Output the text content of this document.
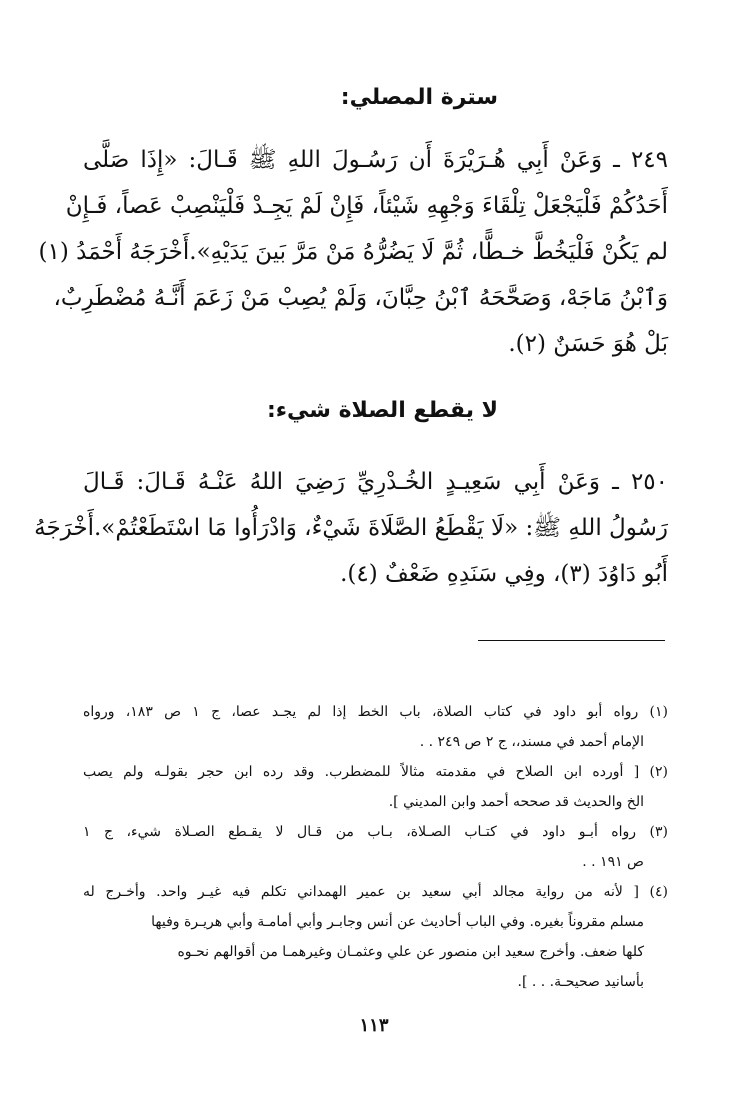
سترة المصلي:
٢٤٩ ـ وَعَنْ أَبِي هُـرَيْرَةَ أَن رَسُـولَ اللهِ ﷺ قَـالَ: «إِذَا صَلَّى
أَحَدُكُمْ فَلْيَجْعَلْ تِلْقَاءَ وَجْهِهِ شَيْئاً، فَإِنْ لَمْ يَجِـدْ فَلْيَنْصِبْ عَصاً، فَـإِنْ
لم يَكُنْ فَلْيَخُطَّ خـطًّا، ثُمَّ لَا يَضُرُّهُ مَنْ مَرَّ بَينَ يَدَيْهِ».أَخْرَجَهُ أَحْمَدُ (١)
وَٱبْنُ مَاجَهْ، وَصَحَّحَهُ ٱبْنُ حِبَّانَ، وَلَمْ يُصِبْ مَنْ زَعَمَ أَنَّـهُ مُضْطَرِبٌ،
بَلْ هُوَ حَسَنٌ (٢).
لا يقطع الصلاة شيء:
٢٥٠ ـ وَعَنْ أَبِي سَعِيـدٍ الخُـدْرِيِّ رَضِيَ اللهُ عَنْـهُ قَـالَ: قَـالَ
رَسُولُ اللهِ ﷺ: «لَا يَقْطَعُ الصَّلَاةَ شَيْءٌ، وَادْرَأُوا مَا اسْتَطَعْتُمْ».أَخْرَجَهُ
أَبُو دَاوُدَ (٣)، وفِي سَنَدِهِ ضَعْفٌ (٤).
(١) رواه أبو داود في كتاب الصلاة، باب الخط إذا لم يجـد عصا، ج ١ ص ١٨٣، ورواه
الإمام أحمد في مسند،، ج ٢ ص ٢٤٩ . .
(٢) [ أورده ابن الصلاح في مقدمته مثالاً للمضطرب. وقد رده ابن حجر بقولـه ولم يصب
الخ والحديث قد صححه أحمد وابن المديني ].
(٣) رواه أبـو داود في كتـاب الصـلاة، بـاب من قـال لا يقـطع الصـلاة شيء، ج ١
ص ١٩١ . .
(٤) [ لأنه من رواية مجالد أبي سعيد بن عمير الهمداني تكلم فيه غيـر واحد. وأخـرج له
مسلم مقروناً بغيره. وفي الباب أحاديث عن أنس وجابـر وأبي أمامـة وأبي هريـرة وفيها
كلها ضعف. وأخرج سعيد ابن منصور عن علي وعثمـان وغيرهمـا من أقوالهم نحـوه
بأسانيد صحيحـة. . . ].
١١٣
